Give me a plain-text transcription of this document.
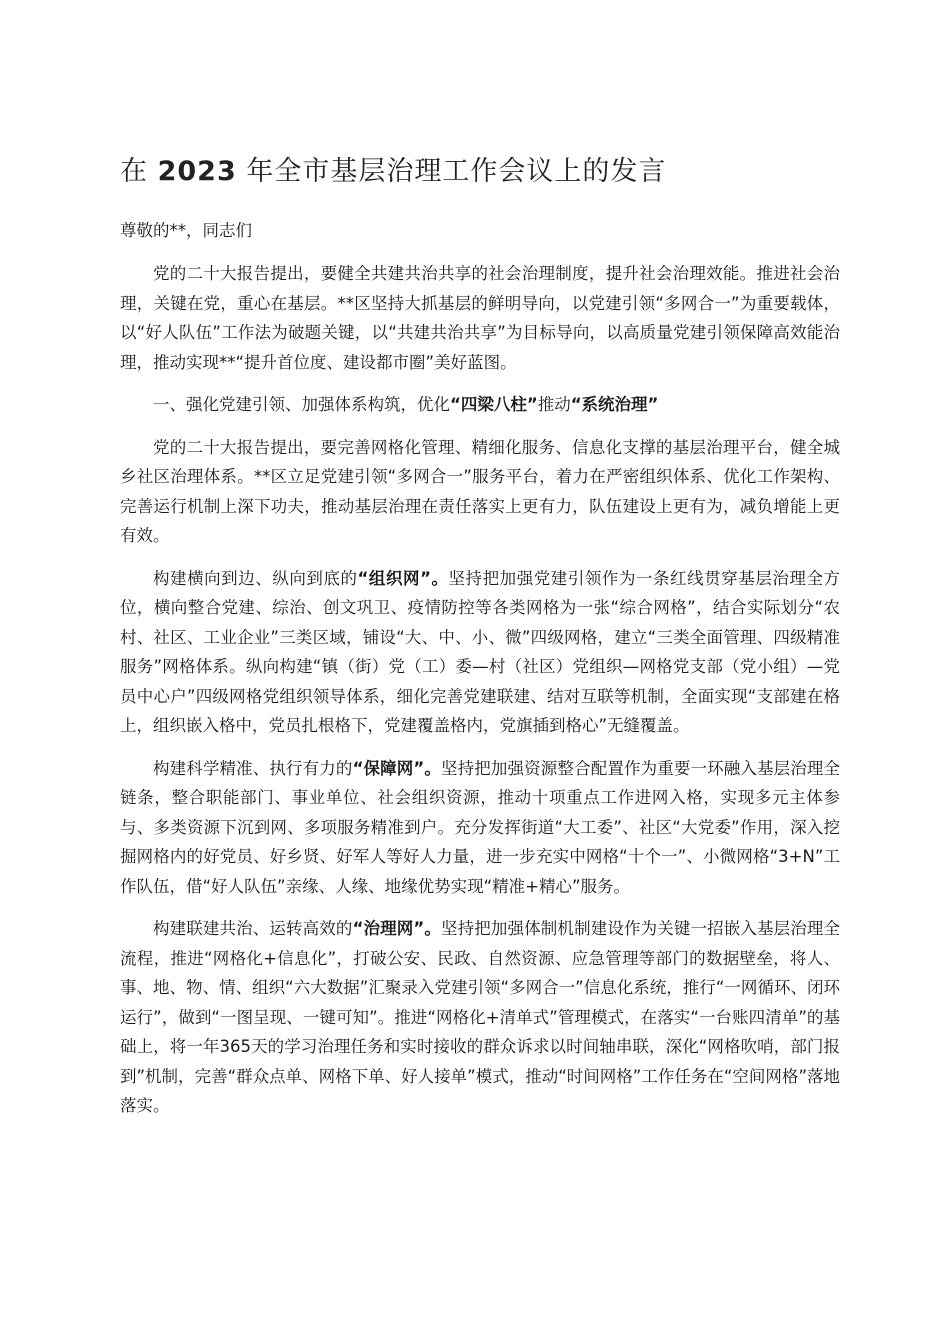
在 2023 年全市基层治理工作会议上的发言

尊敬的**，同志们

党的二十大报告提出，要健全共建共治共享的社会治理制度，提升社会治理效能。推进社会治理，关键在党，重心在基层。**区坚持大抓基层的鲜明导向，以党建引领“多网合一”为重要载体，以“好人队伍”工作法为破题关键，以“共建共治共享”为目标导向，以高质量党建引领保障高效能治理，推动实现**“提升首位度、建设都市圈”美好蓝图。

一、强化党建引领、加强体系构筑，优化“四梁八柱”推动“系统治理”

党的二十大报告提出，要完善网格化管理、精细化服务、信息化支撑的基层治理平台，健全城乡社区治理体系。**区立足党建引领“多网合一”服务平台，着力在严密组织体系、优化工作架构、完善运行机制上深下功夫，推动基层治理在责任落实上更有力，队伍建设上更有为，减负增能上更有效。

构建横向到边、纵向到底的“组织网”。坚持把加强党建引领作为一条红线贯穿基层治理全方位，横向整合党建、综治、创文巩卫、疫情防控等各类网格为一张“综合网格”，结合实际划分“农村、社区、工业企业”三类区域，铺设“大、中、小、微”四级网格，建立“三类全面管理、四级精准服务”网格体系。纵向构建“镇（街）党（工）委—村（社区）党组织—网格党支部（党小组）—党员中心户”四级网格党组织领导体系，细化完善党建联建、结对互联等机制，全面实现“支部建在格上，组织嵌入格中，党员扎根格下，党建覆盖格内，党旗插到格心”无缝覆盖。

构建科学精准、执行有力的“保障网”。坚持把加强资源整合配置作为重要一环融入基层治理全链条，整合职能部门、事业单位、社会组织资源，推动十项重点工作进网入格，实现多元主体参与、多类资源下沉到网、多项服务精准到户。充分发挥街道“大工委”、社区“大党委”作用，深入挖掘网格内的好党员、好乡贤、好军人等好人力量，进一步充实中网格“十个一”、小微网格“3+N”工作队伍，借“好人队伍”亲缘、人缘、地缘优势实现“精准+精心”服务。

构建联建共治、运转高效的“治理网”。坚持把加强体制机制建设作为关键一招嵌入基层治理全流程，推进“网格化+信息化”，打破公安、民政、自然资源、应急管理等部门的数据壁垒，将人、事、地、物、情、组织“六大数据”汇聚录入党建引领“多网合一”信息化系统，推行“一网循环、闭环运行”，做到“一图呈现、一键可知”。推进“网格化+清单式”管理模式，在落实“一台账四清单”的基础上，将一年365天的学习治理任务和实时接收的群众诉求以时间轴串联，深化“网格吹哨，部门报到”机制，完善“群众点单、网格下单、好人接单”模式，推动“时间网格”工作任务在“空间网格”落地落实。
